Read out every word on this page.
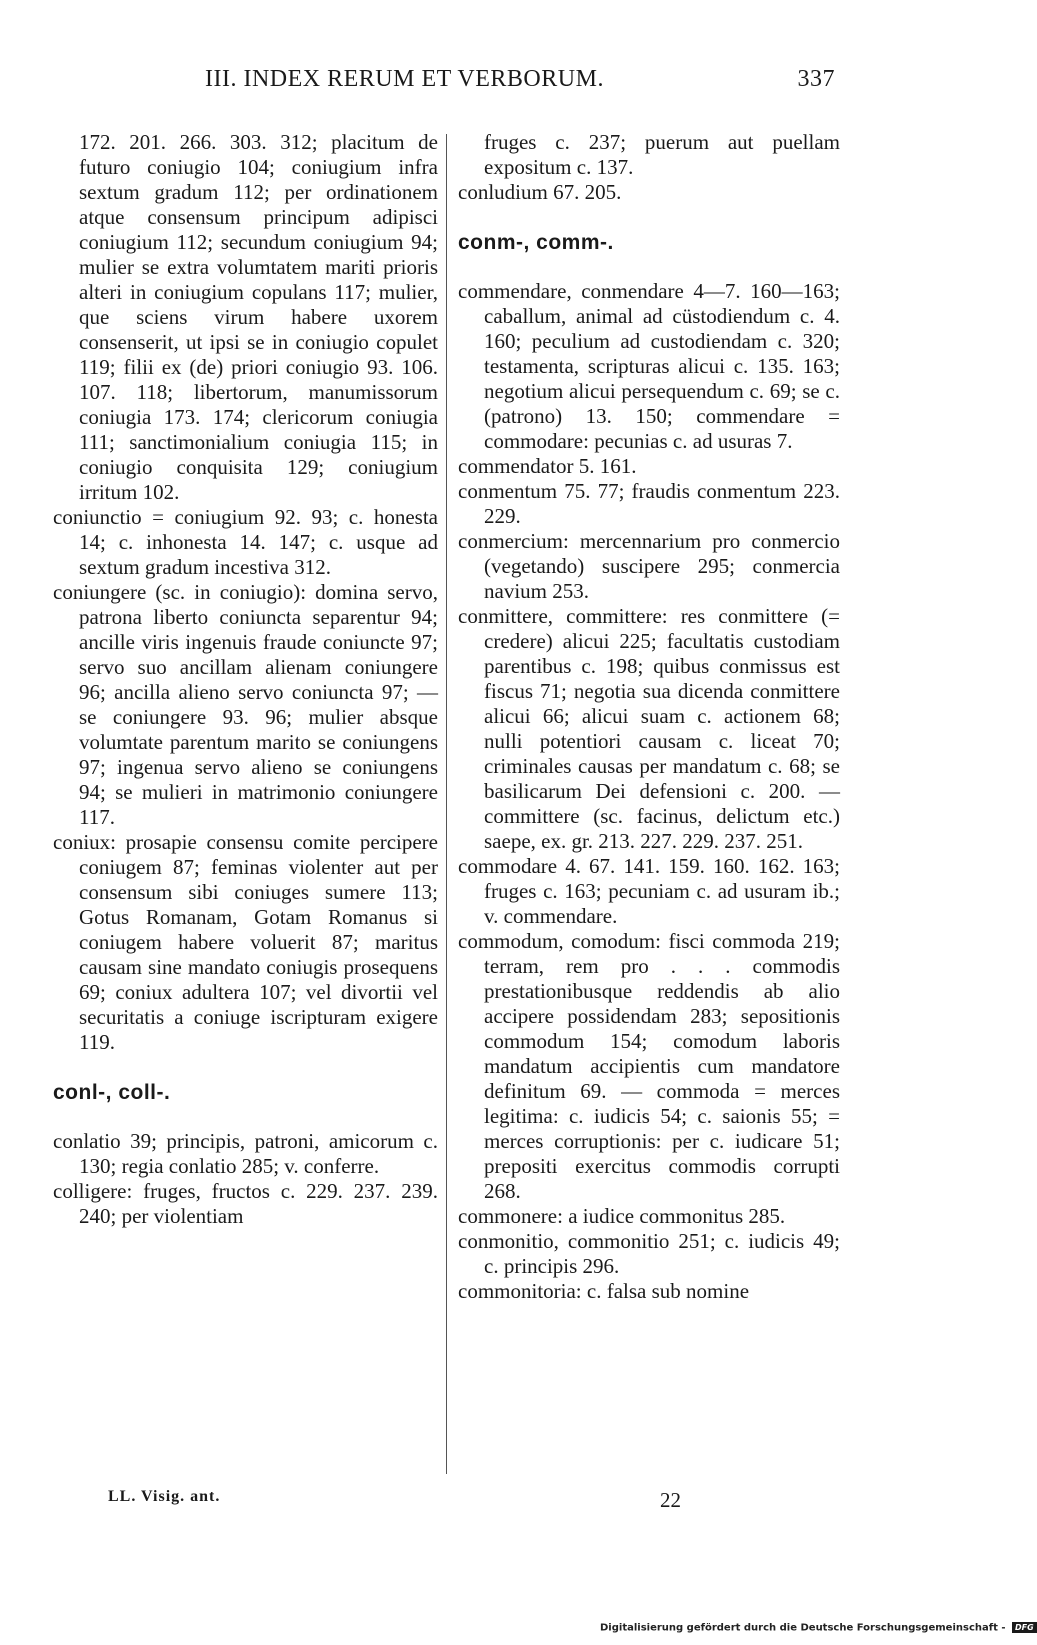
III. INDEX RERUM ET VERBORUM.	337

172. 201. 266. 303. 312; placitum de futuro coniugio 104; coniugium infra sextum gradum 112; per ordinationem atque consensum principum adipisci coniugium 112; secundum coniugium 94; mulier se extra volumtatem mariti prioris alteri in coniugium copulans 117; mulier, que sciens virum habere uxorem consenserit, ut ipsi se in coniugio copulet 119; filii ex (de) priori coniugio 93. 106. 107. 118; libertorum, manumissorum coniugia 173. 174; clericorum coniugia 111; sanctimonialium coniugia 115; in coniugio conquisita 129; coniugium irritum 102.

coniunctio = coniugium 92. 93; c. honesta 14; c. inhonesta 14. 147; c. usque ad sextum gradum incestiva 312.

coniungere (sc. in coniugio): domina servo, patrona liberto coniuncta separentur 94; ancille viris ingenuis fraude coniuncte 97; servo suo ancillam alienam coniungere 96; ancilla alieno servo coniuncta 97; — se coniungere 93. 96; mulier absque volumtate parentum marito se coniungens 97; ingenua servo alieno se coniungens 94; se mulieri in matrimonio coniungere 117.

coniux: prosapie consensu comite percipere coniugem 87; feminas violenter aut per consensum sibi coniuges sumere 113; Gotus Romanam, Gotam Romanus si coniugem habere voluerit 87; maritus causam sine mandato coniugis prosequens 69; coniux adultera 107; vel divortii vel securitatis a coniuge iscripturam exigere 119.

conl-, coll-.

conlatio 39; principis, patroni, amicorum c. 130; regia conlatio 285; v. conferre.

colligere: fruges, fructos c. 229. 237. 239. 240; per violentiam

fruges c. 237; puerum aut puellam expositum c. 137.

conludium 67. 205.

conm-, comm-.

commendare, conmendare 4—7. 160—163; caballum, animal ad cüstodiendum c. 4. 160; peculium ad custodiendam c. 320; testamenta, scripturas alicui c. 135. 163; negotium alicui persequendum c. 69; se c. (patrono) 13. 150; commendare = commodare: pecunias c. ad usuras 7.

commendator 5. 161.

conmentum 75. 77; fraudis conmentum 223. 229.

conmercium: mercennarium pro conmercio (vegetando) suscipere 295; conmercia navium 253.

conmittere, committere: res conmittere (= credere) alicui 225; facultatis custodiam parentibus c. 198; quibus conmissus est fiscus 71; negotia sua dicenda conmittere alicui 66; alicui suam c. actionem 68; nulli potentiori causam c. liceat 70; criminales causas per mandatum c. 68; se basilicarum Dei defensioni c. 200. — committere (sc. facinus, delictum etc.) saepe, ex. gr. 213. 227. 229. 237. 251.

commodare 4. 67. 141. 159. 160. 162. 163; fruges c. 163; pecuniam c. ad usuram ib.; v. commendare.

commodum, comodum: fisci commoda 219; terram, rem pro . . . commodis prestationibusque reddendis ab alio accipere possidendam 283; sepositionis commodum 154; comodum laboris mandatum accipientis cum mandatore definitum 69. — commoda = merces legitima: c. iudicis 54; c. saionis 55; = merces corruptionis: per c. iudicare 51; prepositi exercitus commodis corrupti 268.

commonere: a iudice commonitus 285.

conmonitio, commonitio 251; c. iudicis 49; c. principis 296.

commonitoria: c. falsa sub nomine

LL. Visig. ant.	22
Digitalisierung gefördert durch die Deutsche Forschungsgemeinschaft - DFG
